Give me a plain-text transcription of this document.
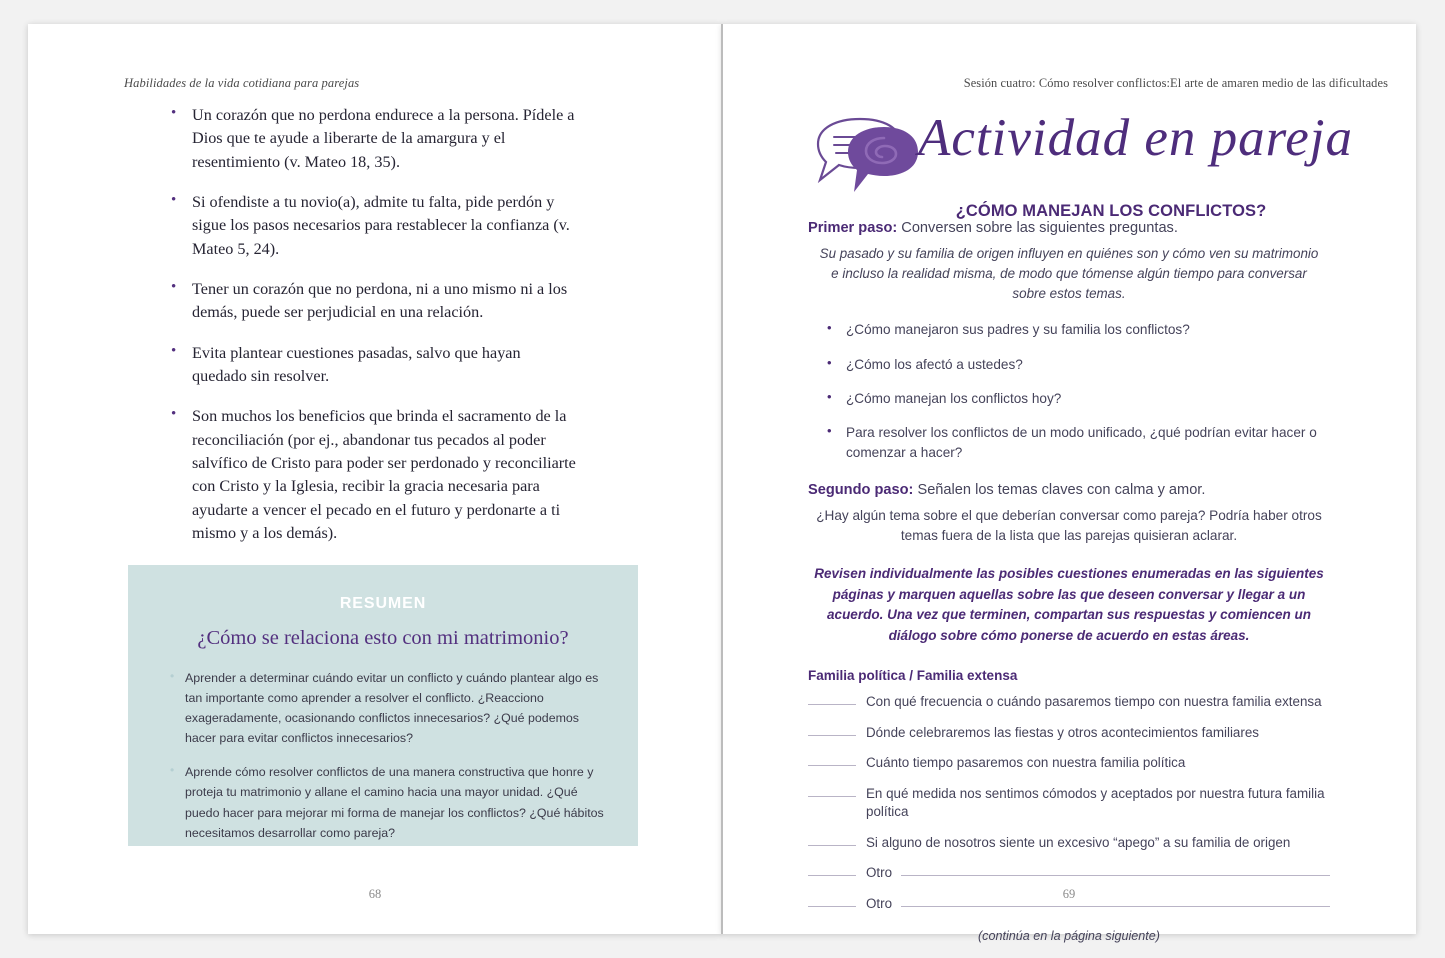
Habilidades de la vida cotidiana para parejas
• Un corazón que no perdona endurece a la persona. Pídele a Dios que te ayude a liberarte de la amargura y el resentimiento (v. Mateo 18, 35).
• Si ofendiste a tu novio(a), admite tu falta, pide perdón y sigue los pasos necesarios para restablecer la confianza (v. Mateo 5, 24).
• Tener un corazón que no perdona, ni a uno mismo ni a los demás, puede ser perjudicial en una relación.
• Evita plantear cuestiones pasadas, salvo que hayan quedado sin resolver.
• Son muchos los beneficios que brinda el sacramento de la reconciliación (por ej., abandonar tus pecados al poder salvífico de Cristo para poder ser perdonado y reconciliarte con Cristo y la Iglesia, recibir la gracia necesaria para ayudarte a vencer el pecado en el futuro y perdonarte a ti mismo y a los demás).
RESUMEN
¿Cómo se relaciona esto con mi matrimonio?
• Aprender a determinar cuándo evitar un conflicto y cuándo plantear algo es tan importante como aprender a resolver el conflicto. ¿Reacciono exageradamente, ocasionando conflictos innecesarios? ¿Qué podemos hacer para evitar conflictos innecesarios?
• Aprende cómo resolver conflictos de una manera constructiva que honre y proteja tu matrimonio y allane el camino hacia una mayor unidad. ¿Qué puedo hacer para mejorar mi forma de manejar los conflictos? ¿Qué hábitos necesitamos desarrollar como pareja?
68
Sesión cuatro: Cómo resolver conflictos:El arte de amaren medio de las dificultades
Actividad en pareja
¿CÓMO MANEJAN LOS CONFLICTOS?
Primer paso: Conversen sobre las siguientes preguntas.
Su pasado y su familia de origen influyen en quiénes son y cómo ven su matrimonio e incluso la realidad misma, de modo que tómense algún tiempo para conversar sobre estos temas.
• ¿Cómo manejaron sus padres y su familia los conflictos?
• ¿Cómo los afectó a ustedes?
• ¿Cómo manejan los conflictos hoy?
• Para resolver los conflictos de un modo unificado, ¿qué podrían evitar hacer o comenzar a hacer?
Segundo paso: Señalen los temas claves con calma y amor.
¿Hay algún tema sobre el que deberían conversar como pareja? Podría haber otros temas fuera de la lista que las parejas quisieran aclarar.
Revisen individualmente las posibles cuestiones enumeradas en las siguientes páginas y marquen aquellas sobre las que deseen conversar y llegar a un acuerdo. Una vez que terminen, compartan sus respuestas y comiencen un diálogo sobre cómo ponerse de acuerdo en estas áreas.
Familia política / Familia extensa
Con qué frecuencia o cuándo pasaremos tiempo con nuestra familia extensa
Dónde celebraremos las fiestas y otros acontecimientos familiares
Cuánto tiempo pasaremos con nuestra familia política
En qué medida nos sentimos cómodos y aceptados por nuestra futura familia política
Si alguno de nosotros siente un excesivo “apego” a su familia de origen
Otro
Otro
(continúa en la página siguiente)
69
